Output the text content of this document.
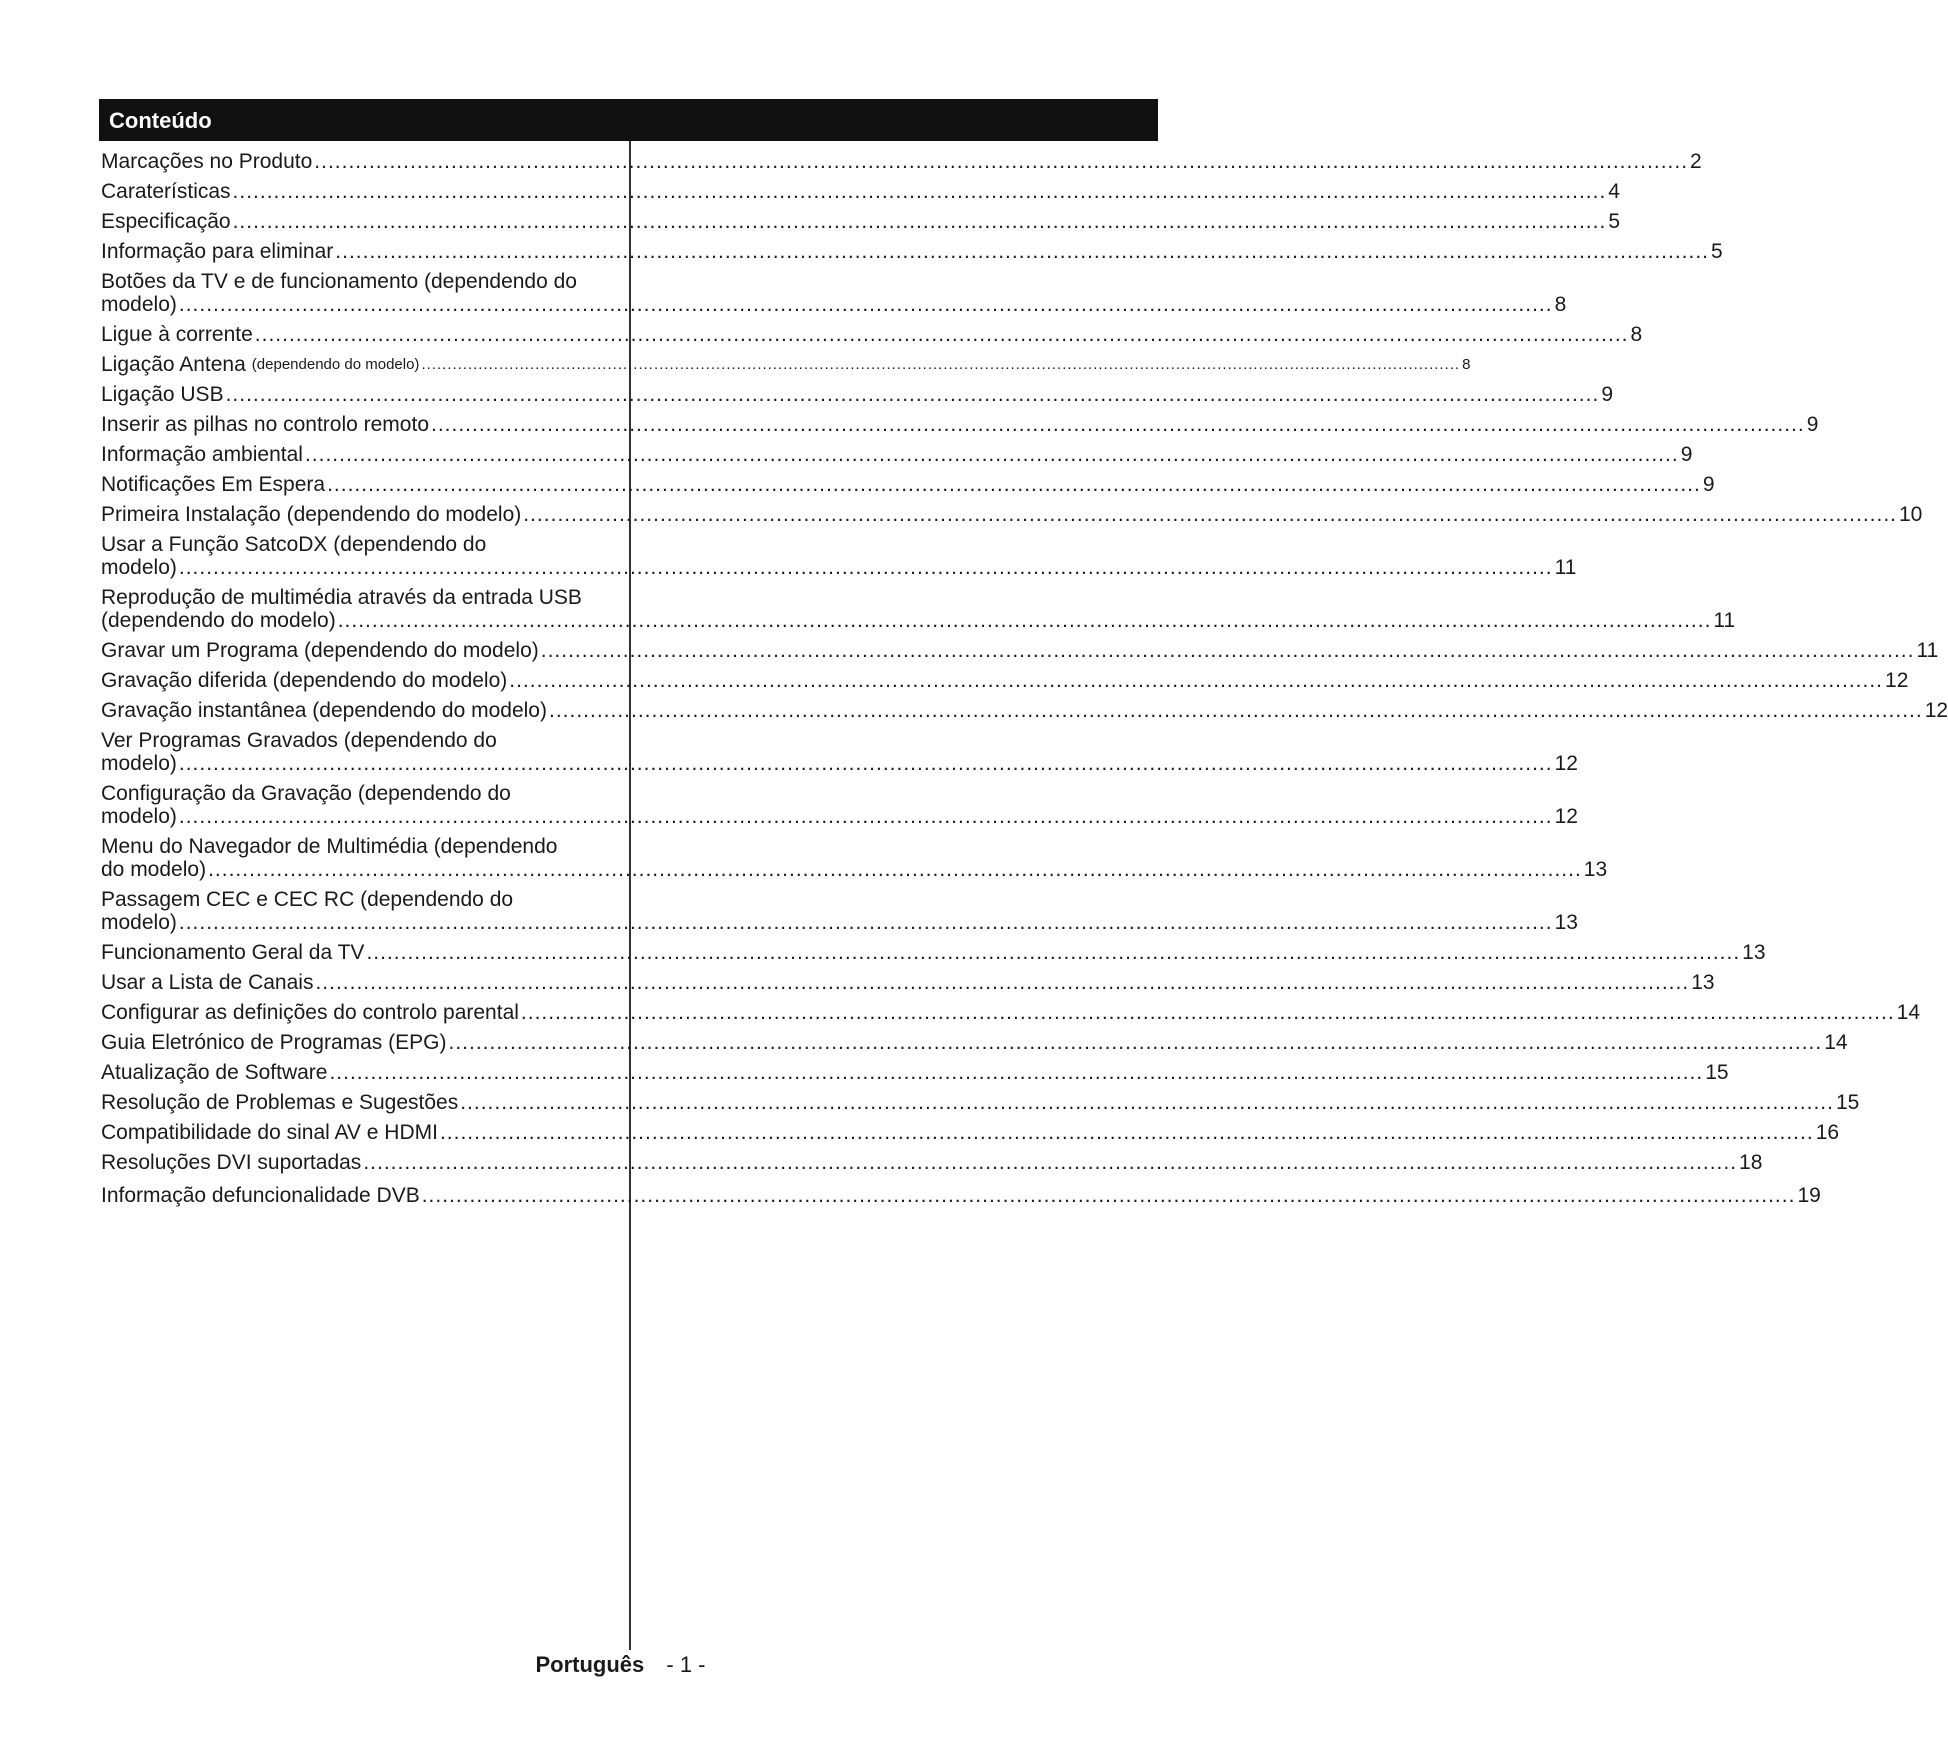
Conteúdo
Marcações no Produto ......................................................................................................................................................................................................... 2
Caraterísticas ......................................................................................................................................................................................................... 4
Especificação ......................................................................................................................................................................................................... 5
Informação para eliminar ......................................................................................................................................................................................................... 5
Botões da TV e de funcionamento (dependendo do
modelo) ......................................................................................................................................................................................................... 8
Ligue à corrente ......................................................................................................................................................................................................... 8
Ligação Antena (dependendo do modelo) ......................................................................................................................................................................................................... 8
Ligação USB ......................................................................................................................................................................................................... 9
Inserir as pilhas no controlo remoto ......................................................................................................................................................................................................... 9
Informação ambiental ......................................................................................................................................................................................................... 9
Notificações Em Espera ......................................................................................................................................................................................................... 9
Primeira Instalação (dependendo do modelo) ......................................................................................................................................................................................................... 10
Usar a Função SatcoDX (dependendo do
modelo) ......................................................................................................................................................................................................... 11
Reprodução de multimédia através da entrada USB
(dependendo do modelo) ......................................................................................................................................................................................................... 11
Gravar um Programa (dependendo do modelo) ......................................................................................................................................................................................................... 11
Gravação diferida (dependendo do modelo) ......................................................................................................................................................................................................... 12
Gravação instantânea (dependendo do modelo) ......................................................................................................................................................................................................... 12
Ver Programas Gravados (dependendo do
modelo) ......................................................................................................................................................................................................... 12
Configuração da Gravação (dependendo do
modelo) ......................................................................................................................................................................................................... 12
Menu do Navegador de Multimédia (dependendo
do modelo) ......................................................................................................................................................................................................... 13
Passagem CEC e CEC RC (dependendo do
modelo) ......................................................................................................................................................................................................... 13
Funcionamento Geral da TV ......................................................................................................................................................................................................... 13
Usar a Lista de Canais ......................................................................................................................................................................................................... 13
Configurar as definições do controlo parental ......................................................................................................................................................................................................... 14
Guia Eletrónico de Programas (EPG) ......................................................................................................................................................................................................... 14
Atualização de Software ......................................................................................................................................................................................................... 15
Resolução de Problemas e Sugestões ......................................................................................................................................................................................................... 15
Compatibilidade do sinal AV e HDMI ......................................................................................................................................................................................................... 16
Resoluções DVI suportadas ......................................................................................................................................................................................................... 18
Informação defuncionalidade DVB ......................................................................................................................................................................................................... 19
Português - 1 -
